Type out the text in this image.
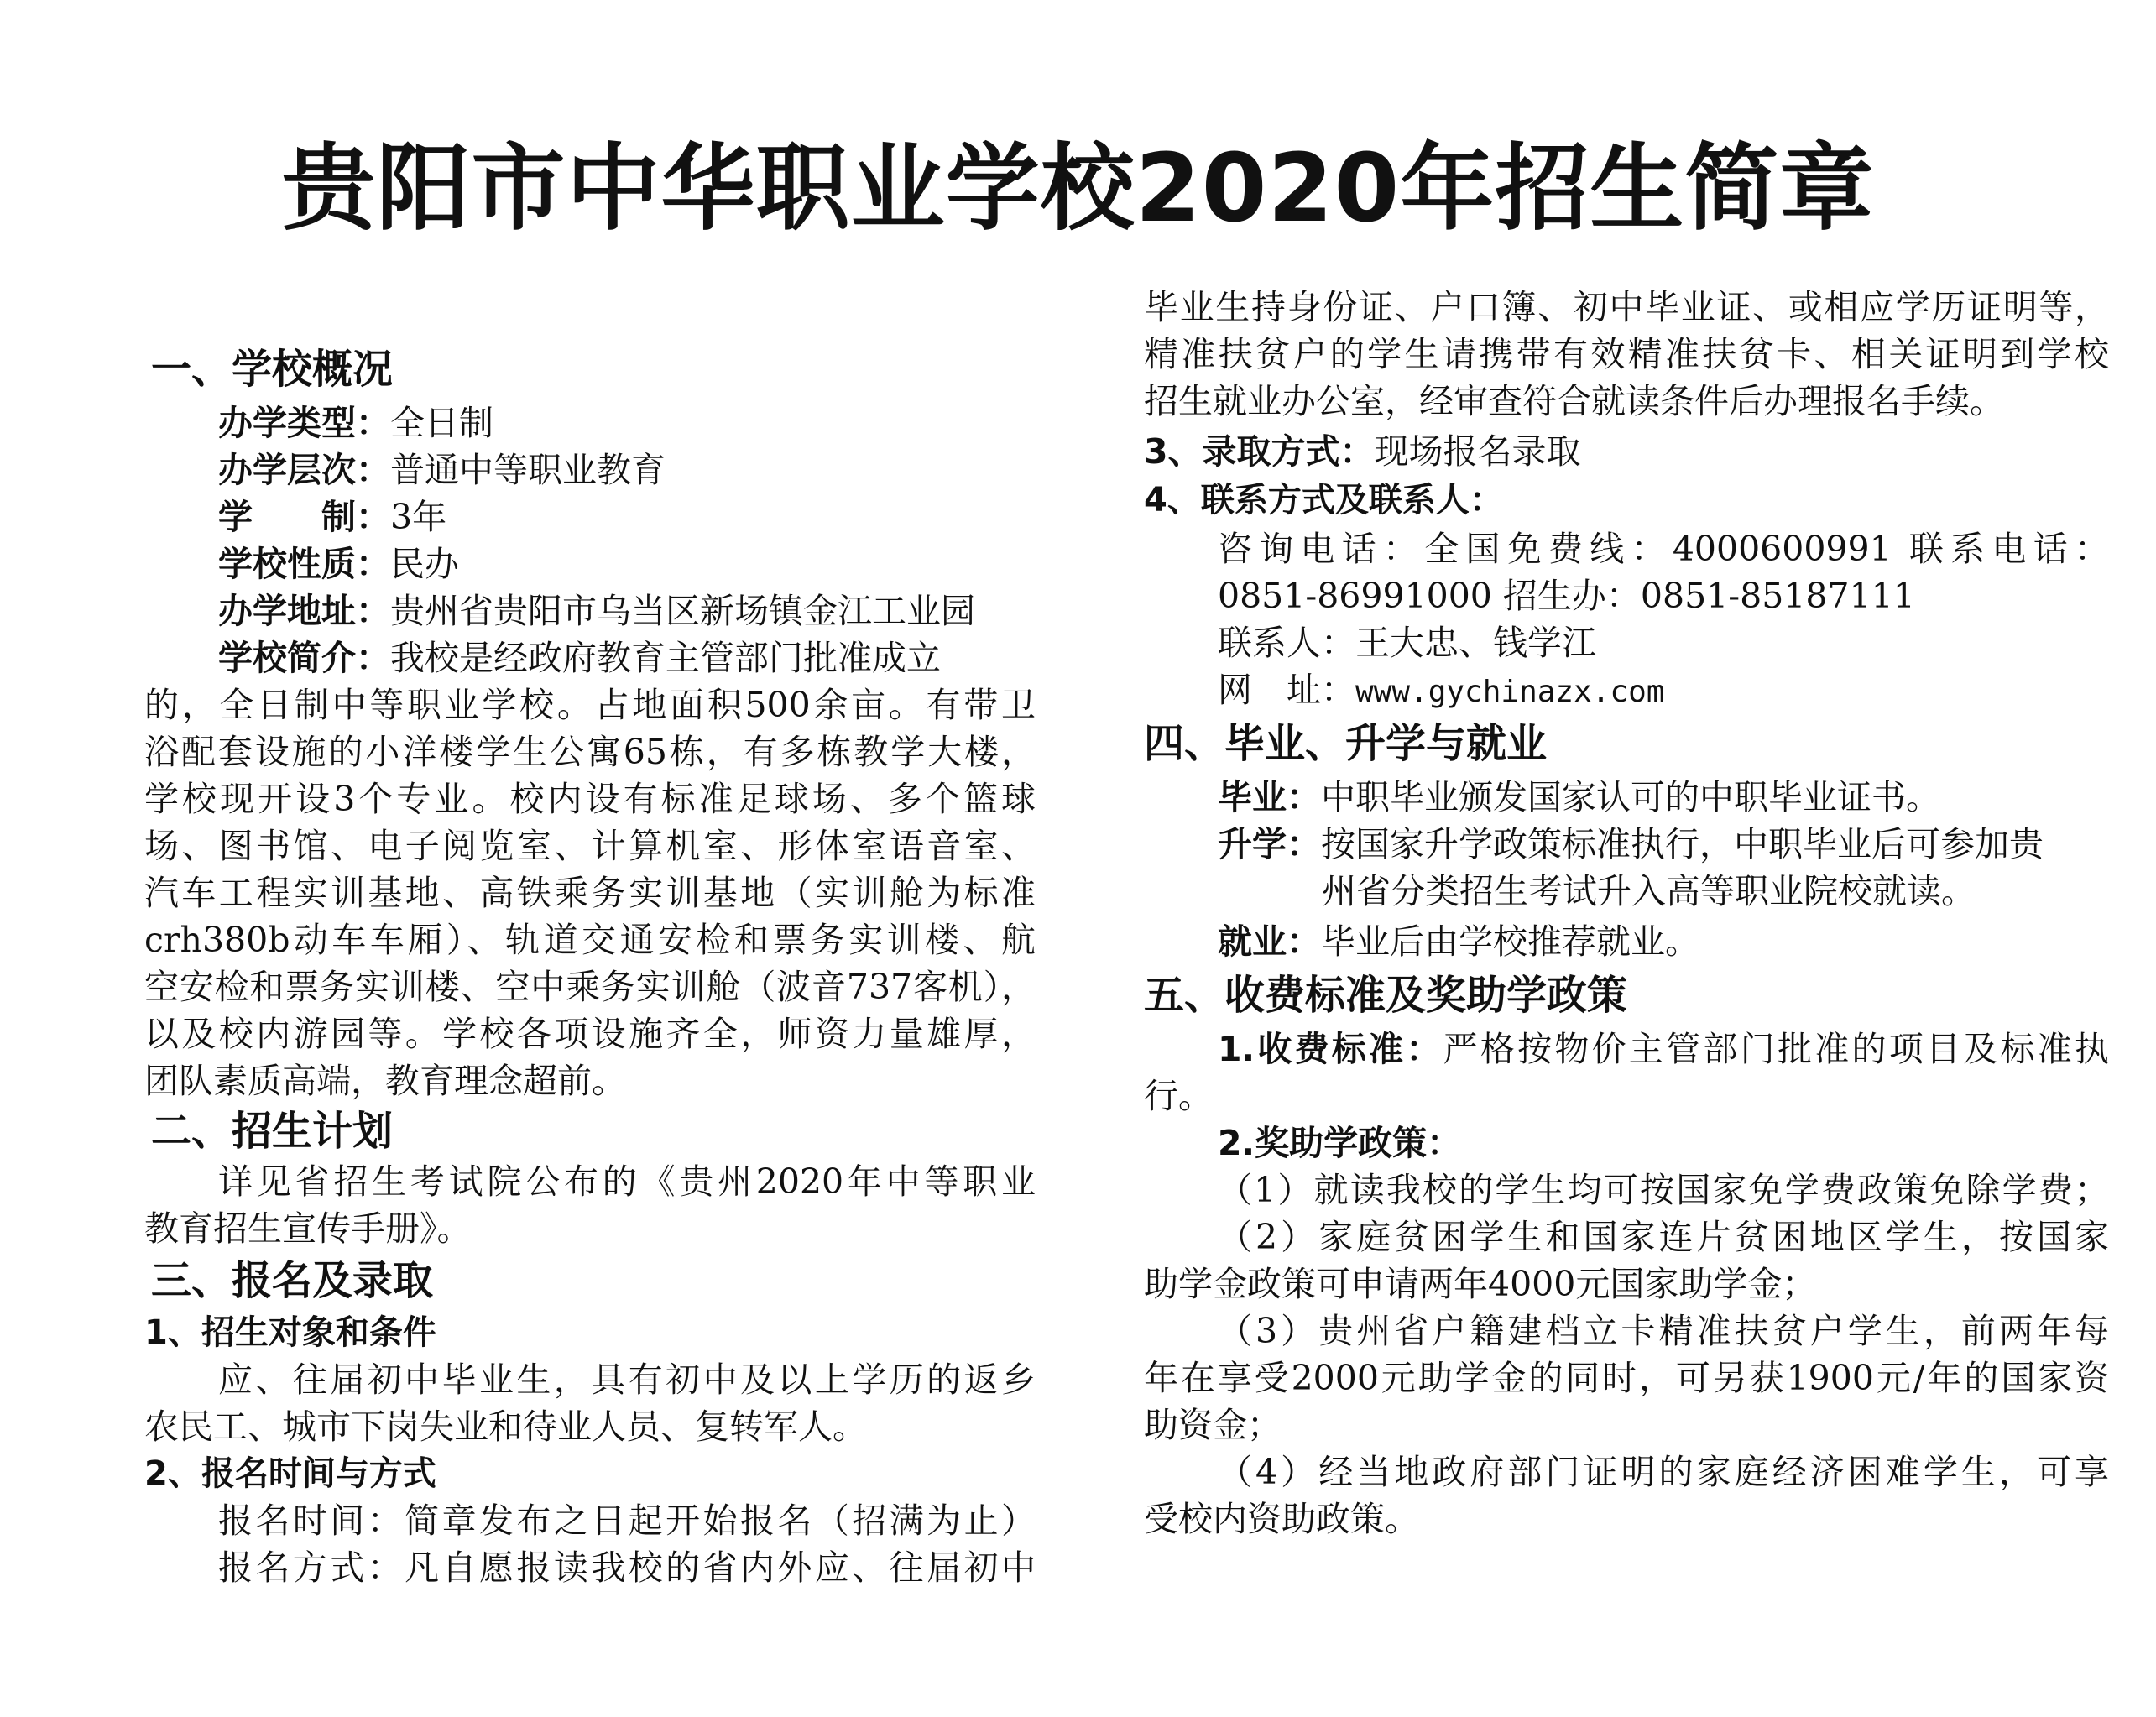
贵阳市中华职业学校2020年招生简章
一、学校概况
办学类型：全日制
办学层次：普通中等职业教育
学　　制：3年
学校性质：民办
办学地址：贵州省贵阳市乌当区新场镇金江工业园
学校简介：我校是经政府教育主管部门批准成立
的，全日制中等职业学校。占地面积500余亩。有带卫
浴配套设施的小洋楼学生公寓65栋，有多栋教学大楼，
学校现开设3个专业。校内设有标准足球场、多个篮球
场、图书馆、电子阅览室、计算机室、形体室语音室、
汽车工程实训基地、高铁乘务实训基地（实训舱为标准
crh380b动车车厢）、轨道交通安检和票务实训楼、航
空安检和票务实训楼、空中乘务实训舱（波音737客机），
以及校内游园等。学校各项设施齐全，师资力量雄厚，
团队素质高端，教育理念超前。
二、招生计划
详见省招生考试院公布的《贵州2020年中等职业
教育招生宣传手册》。
三、报名及录取
1、招生对象和条件
应、往届初中毕业生，具有初中及以上学历的返乡
农民工、城市下岗失业和待业人员、复转军人。
2、报名时间与方式
报名时间：简章发布之日起开始报名（招满为止）
报名方式：凡自愿报读我校的省内外应、往届初中
毕业生持身份证、户口簿、初中毕业证、或相应学历证明等，
精准扶贫户的学生请携带有效精准扶贫卡、相关证明到学校
招生就业办公室，经审查符合就读条件后办理报名手续。
3、录取方式：现场报名录取
4、联系方式及联系人：
咨询电话：全国免费线：4000600991 联系电话：
0851-86991000 招生办：0851-85187111
联系人：王大忠、钱学江
网　址：www.gychinazx.com
四、毕业、升学与就业
毕业：中职毕业颁发国家认可的中职毕业证书。
升学：按国家升学政策标准执行，中职毕业后可参加贵
州省分类招生考试升入高等职业院校就读。
就业：毕业后由学校推荐就业。
五、收费标准及奖助学政策
1.收费标准：严格按物价主管部门批准的项目及标准执
行。
2.奖助学政策：
（1）就读我校的学生均可按国家免学费政策免除学费；
（2）家庭贫困学生和国家连片贫困地区学生，按国家
助学金政策可申请两年4000元国家助学金；
（3）贵州省户籍建档立卡精准扶贫户学生，前两年每
年在享受2000元助学金的同时，可另获1900元/年的国家资
助资金；
（4）经当地政府部门证明的家庭经济困难学生，可享
受校内资助政策。
